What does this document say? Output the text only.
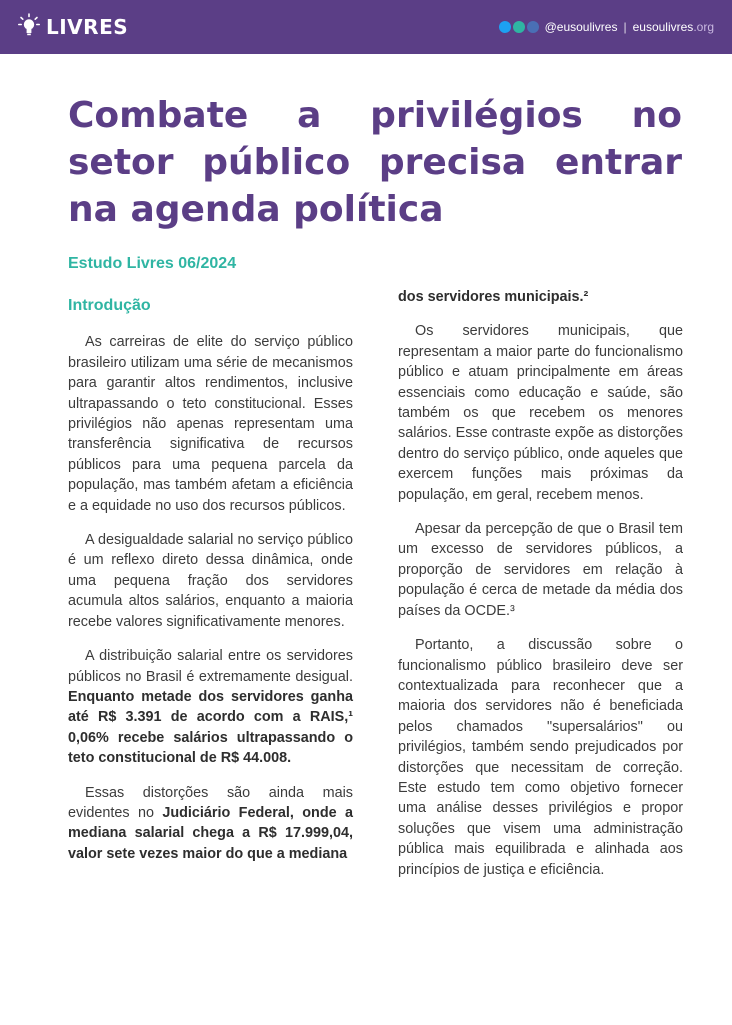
LIVRES	@eusoulivres | eusoulivres.org
Combate a privilégios no setor público precisa entrar na agenda política

Estudo Livres 06/2024

Introdução

As carreiras de elite do serviço público brasileiro utilizam uma série de mecanismos para garantir altos rendimentos, inclusive ultrapassando o teto constitucional. Esses privilégios não apenas representam uma transferência significativa de recursos públicos para uma pequena parcela da população, mas também afetam a eficiência e a equidade no uso dos recursos públicos.

A desigualdade salarial no serviço público é um reflexo direto dessa dinâmica, onde uma pequena fração dos servidores acumula altos salários, enquanto a maioria recebe valores significativamente menores.

A distribuição salarial entre os servidores públicos no Brasil é extremamente desigual. Enquanto metade dos servidores ganha até R$ 3.391 de acordo com a RAIS,¹ 0,06% recebe salários ultrapassando o teto constitucional de R$ 44.008.

Essas distorções são ainda mais evidentes no Judiciário Federal, onde a mediana salarial chega a R$ 17.999,04, valor sete vezes maior do que a mediana

dos servidores municipais.²

Os servidores municipais, que representam a maior parte do funcionalismo público e atuam principalmente em áreas essenciais como educação e saúde, são também os que recebem os menores salários. Esse contraste expõe as distorções dentro do serviço público, onde aqueles que exercem funções mais próximas da população, em geral, recebem menos.

Apesar da percepção de que o Brasil tem um excesso de servidores públicos, a proporção de servidores em relação à população é cerca de metade da média dos países da OCDE.³

Portanto, a discussão sobre o funcionalismo público brasileiro deve ser contextualizada para reconhecer que a maioria dos servidores não é beneficiada pelos chamados "supersalários" ou privilégios, também sendo prejudicados por distorções que necessitam de correção. Este estudo tem como objetivo fornecer uma análise desses privilégios e propor soluções que visem uma administração pública mais equilibrada e alinhada aos princípios de justiça e eficiência.
